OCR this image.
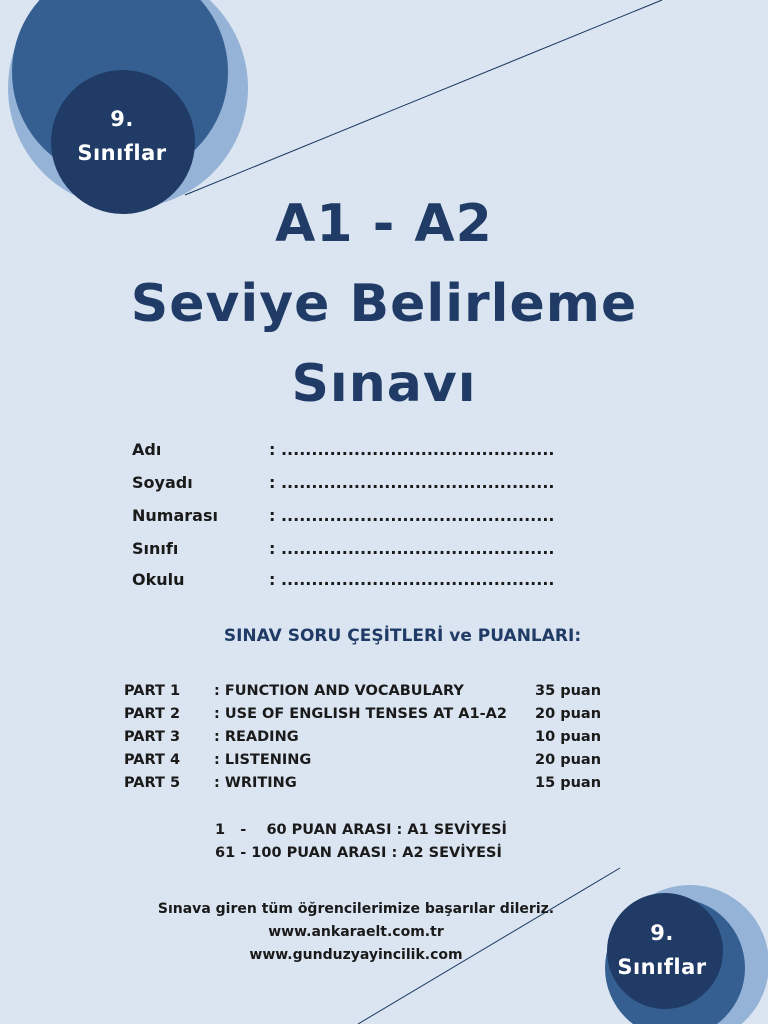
9.
Sınıflar
9.
Sınıflar
A1 - A2
Seviye Belirleme
Sınavı
Adı	: .............................................
Soyadı	: .............................................
Numarası	: .............................................
Sınıfı	: .............................................
Okulu	: .............................................
SINAV SORU ÇEŞİTLERİ ve PUANLARI:
PART 1	: FUNCTION AND VOCABULARY	35 puan
PART 2	: USE OF ENGLISH TENSES AT A1-A2	20 puan
PART 3	: READING	10 puan
PART 4	: LISTENING	20 puan
PART 5	: WRITING	15 puan
1   -    60 PUAN ARASI : A1 SEVİYESİ
61 - 100 PUAN ARASI : A2 SEVİYESİ
Sınava giren tüm öğrencilerimize başarılar dileriz.
www.ankaraelt.com.tr
www.gunduzyayincilik.com
